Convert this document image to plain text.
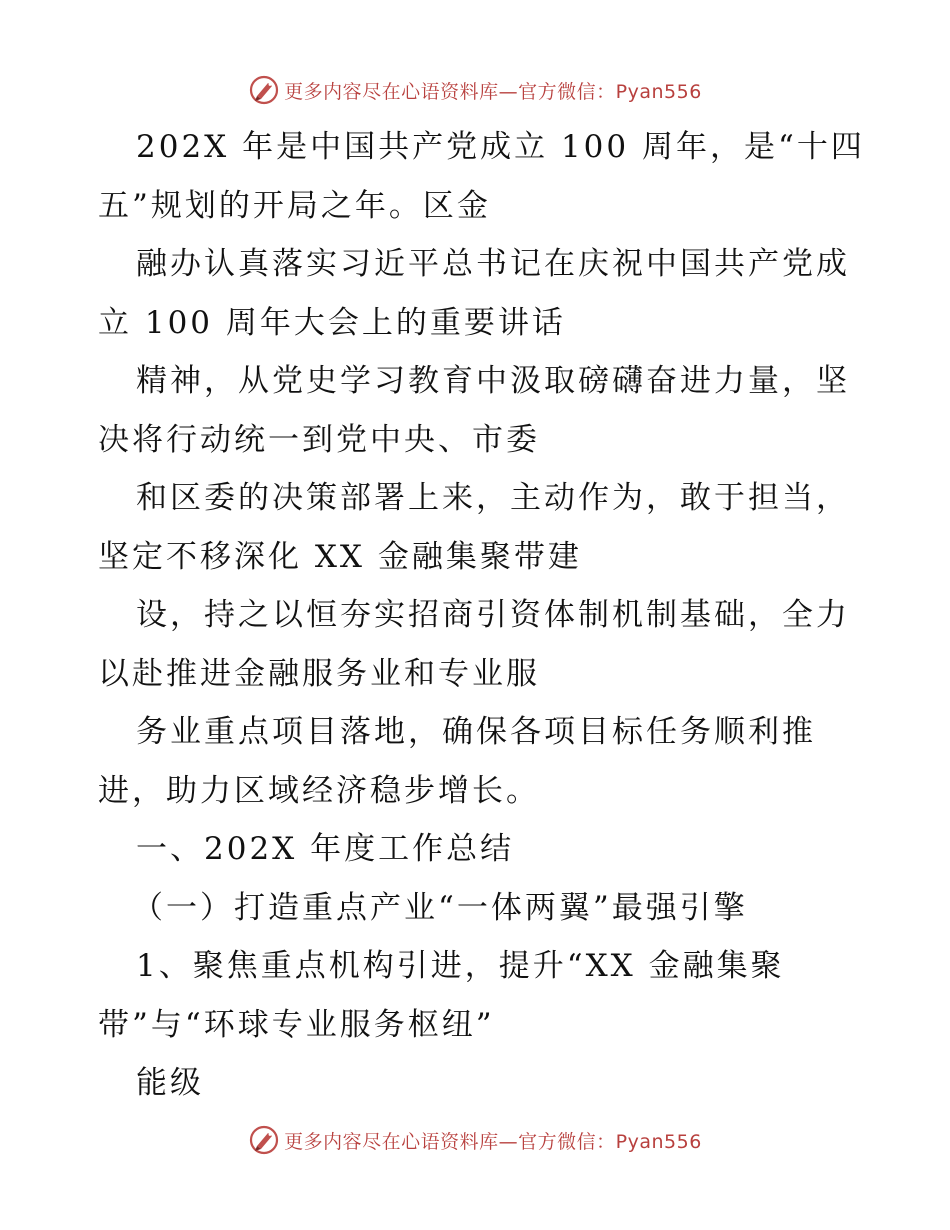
更多内容尽在心语资料库—官方微信：Pyan556
202X 年是中国共产党成立 100 周年，是“十四
五”规划的开局之年。区金
融办认真落实习近平总书记在庆祝中国共产党成
立 100 周年大会上的重要讲话
精神，从党史学习教育中汲取磅礴奋进力量，坚
决将行动统一到党中央、市委
和区委的决策部署上来，主动作为，敢于担当，
坚定不移深化 XX 金融集聚带建
设，持之以恒夯实招商引资体制机制基础，全力
以赴推进金融服务业和专业服
务业重点项目落地，确保各项目标任务顺利推
进，助力区域经济稳步增长。
一、202X 年度工作总结
（一）打造重点产业“一体两翼”最强引擎
1、聚焦重点机构引进，提升“XX 金融集聚
带”与“环球专业服务枢纽”
能级
更多内容尽在心语资料库—官方微信：Pyan556
